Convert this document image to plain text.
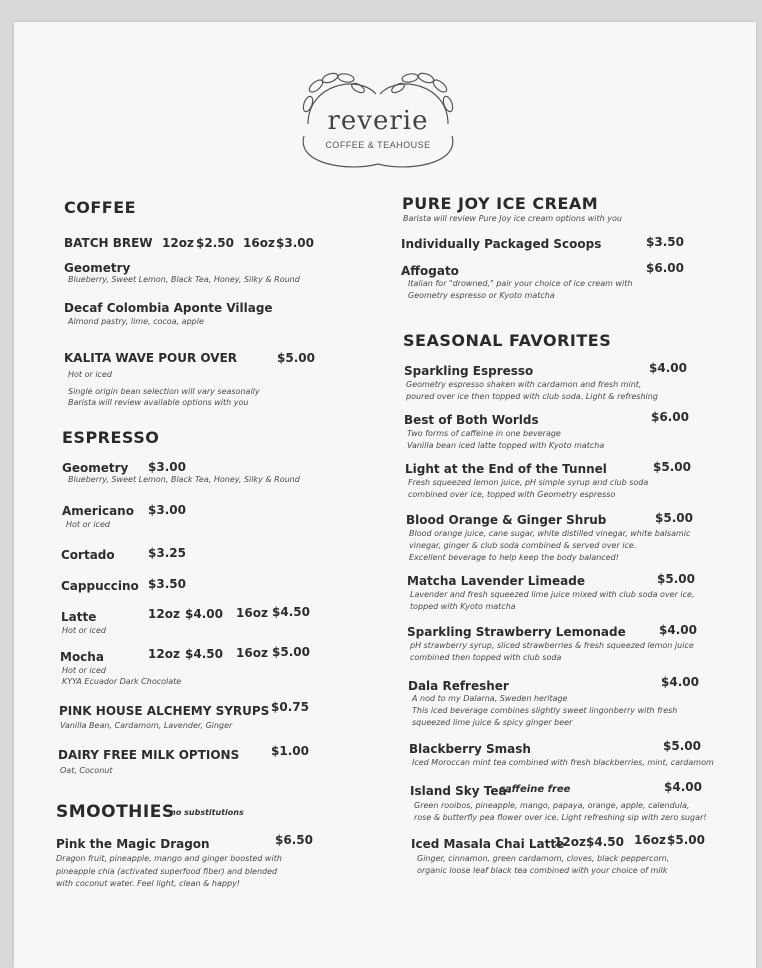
reverie
COFFEE & TEAHOUSE
COFFEE
BATCH BREW 12oz $2.50 16oz $3.00
Geometry
Blueberry, Sweet Lemon, Black Tea, Honey, Silky & Round
Decaf Colombia Aponte Village
Almond pastry, lime, cocoa, apple
KALITA WAVE POUR OVER	$5.00
Hot or iced
Single origin bean selection will vary seasonally
Barista will review available options with you
ESPRESSO
Geometry $3.00
Blueberry, Sweet Lemon, Black Tea, Honey, Silky & Round
Americano $3.00
Hot or iced
Cortado	$3.25
Cappuccino $3.50
Latte	12oz $4.00 16oz $4.50
Hot or iced
Mocha	12oz $4.50 16oz $5.00
Hot or iced
KYYA Ecuador Dark Chocolate
PINK HOUSE ALCHEMY SYRUPS $0.75
Vanilla Bean, Cardamom, Lavender, Ginger
DAIRY FREE MILK OPTIONS	$1.00
Oat, Coconut
SMOOTHIES
*no substitutions
Pink the Magic Dragon	$6.50
Dragon fruit, pineapple, mango and ginger boosted with
pineapple chia (activated superfood fiber) and blended
with coconut water. Feel light, clean & happy!
PURE JOY ICE CREAM
Barista will review Pure Joy ice cream options with you
Individually Packaged Scoops	$3.50
Affogato	$6.00
Italian for "drowned," pair your choice of ice cream with
Geometry espresso or Kyoto matcha
SEASONAL FAVORITES
Sparkling Espresso	$4.00
Geometry espresso shaken with cardamon and fresh mint,
poured over ice then topped with club soda. Light & refreshing
Best of Both Worlds	$6.00
Two forms of caffeine in one beverage
Vanilla bean iced latte topped with Kyoto matcha
Light at the End of the Tunnel	$5.00
Fresh squeezed lemon juice, pH simple syrup and club soda
combined over ice, topped with Geometry espresso
Blood Orange & Ginger Shrub	$5.00
Blood orange juice, cane sugar, white distilled vinegar, white balsamic
vinegar, ginger & club soda combined & served over ice.
Excellent beverage to help keep the body balanced!
Matcha Lavender Limeade	$5.00
Lavender and fresh squeezed lime juice mixed with club soda over ice,
topped with Kyoto matcha
Sparkling Strawberry Lemonade	$4.00
pH strawberry syrup, sliced strawberries & fresh squeezed lemon juice
combined then topped with club soda
Dala Refresher	$4.00
A nod to my Dalarna, Sweden heritage
This iced beverage combines slightly sweet lingonberry with fresh
squeezed lime juice & spicy ginger beer
Blackberry Smash	$5.00
Iced Moroccan mint tea combined with fresh blackberries, mint, cardamom
Island Sky Tea-
caffeine free	$4.00
Green rooibos, pineapple, mango, papaya, orange, apple, calendula,
rose & butterfly pea flower over ice. Light refreshing sip with zero sugar!
Iced Masala Chai Latte
12oz $4.50 16oz $5.00
Ginger, cinnamon, green cardamom, cloves, black peppercorn,
organic loose leaf black tea combined with your choice of milk
